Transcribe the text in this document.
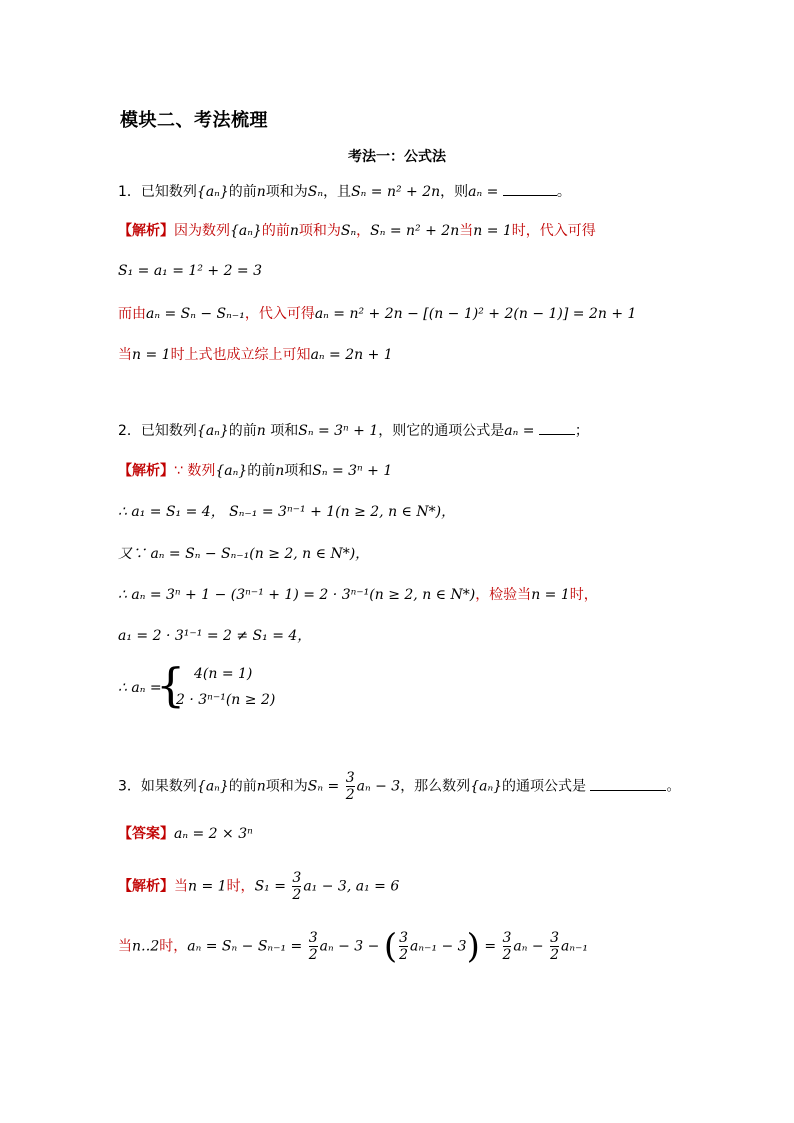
模块二、考法梳理
考法一：公式法
1．已知数列{aₙ}的前n项和为Sₙ，且Sₙ = n² + 2n，则aₙ =	。
【解析】因为数列{aₙ}的前n项和为Sₙ，Sₙ = n² + 2n当n = 1时，代入可得
S₁ = a₁ = 1² + 2 = 3
而由aₙ = Sₙ − Sₙ₋₁，代入可得aₙ = n² + 2n − [(n − 1)² + 2(n − 1)] = 2n + 1
当n = 1时上式也成立综上可知aₙ = 2n + 1
2．已知数列{aₙ}的前n 项和Sₙ = 3ⁿ + 1，则它的通项公式是aₙ =	；
【解析】∵ 数列{aₙ}的前n项和Sₙ = 3ⁿ + 1
∴ a₁ = S₁ = 4， Sₙ₋₁ = 3ⁿ⁻¹ + 1(n ≥ 2, n ∈ N*)，
又∵ aₙ = Sₙ − Sₙ₋₁(n ≥ 2, n ∈ N*)，
∴ aₙ = 3ⁿ + 1 − (3ⁿ⁻¹ + 1) = 2 · 3ⁿ⁻¹(n ≥ 2, n ∈ N*)，检验当n = 1时，
a₁ = 2 · 3¹⁻¹ = 2 ≠ S₁ = 4，
∴ aₙ =
{ 4(n = 1)
2 · 3ⁿ⁻¹(n ≥ 2)
3．如果数列{aₙ}的前n项和为$S_n = \frac{3}{2}$ aₙ − 3，那么数列{aₙ}的通项公式是	。
【答案】aₙ = 2 × 3ⁿ
【解析】当n = 1时，$S_1 = \frac{3}{2} a_1 - 3$, a₁ = 6
当n‥2时，$a_n = S_n - S_{n-1} = \frac{3}{2}$ aₙ − 3 − ( $\frac{3}{2} a_{n-1} - 3) = \frac{3}{2}$ $a_n - \frac{3}{2} a_{n-1}$
